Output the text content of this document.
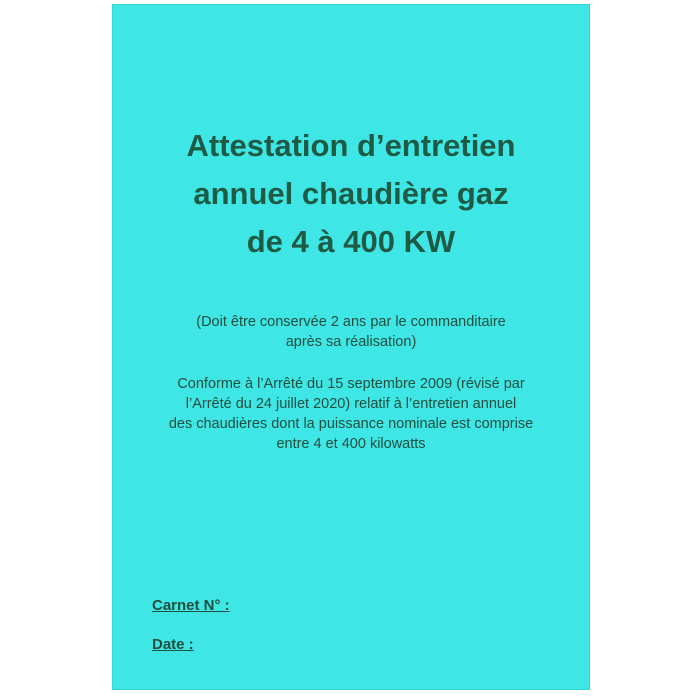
Attestation d’entretien
annuel chaudière gaz
de 4 à 400 KW
(Doit être conservée 2 ans par le commanditaire
après sa réalisation)
Conforme à l’Arrêté du 15 septembre 2009 (révisé par
l’Arrêté du 24 juillet 2020) relatif à l’entretien annuel
des chaudières dont la puissance nominale est comprise
entre 4 et 400 kilowatts
Carnet N° :
Date :
